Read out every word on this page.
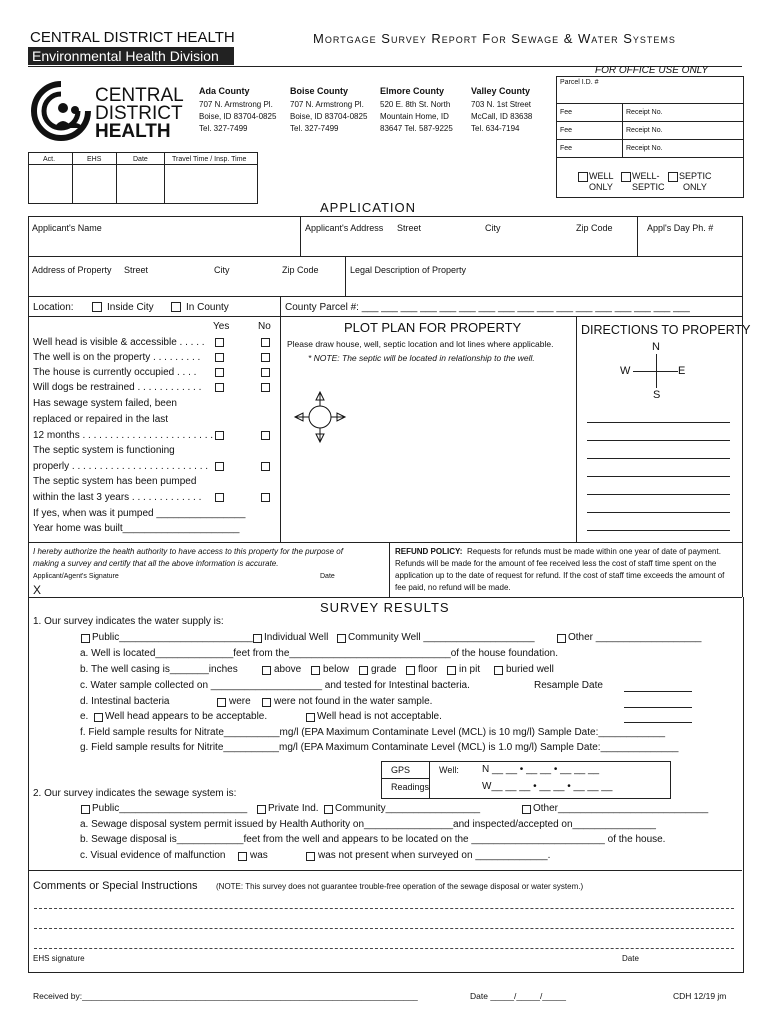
CENTRAL DISTRICT HEALTH
Environmental Health Division
Mortgage Survey Report For Sewage & Water Systems
CENTRAL
DISTRICT
HEALTH
Ada County
707 N. Armstrong Pl.
Boise, ID 83704-0825
Tel. 327-7499
Boise County
707 N. Armstrong Pl.
Boise, ID 83704-0825
Tel. 327-7499
Elmore County
520 E. 8th St. North
Mountain Home, ID
83647 Tel. 587-9225
Valley County
703 N. 1st Street
McCall, ID 83638
Tel. 634-7194
FOR OFFICE USE ONLY
Parcel I.D. #
Fee	Receipt No.
Fee	Receipt No.
Fee	Receipt No.
WELL
ONLY
WELL-
SEPTIC
SEPTIC
ONLY
Act.	EHS	Date	Travel Time / Insp. Time
APPLICATION
Applicant's Name	Applicant's Address Street	City	Zip Code	Appl's Day Ph. #
Address of Property Street	City	Zip Code	Legal Description of Property
Location:	Inside City	In County	County Parcel #: ___ ___ ___ ___ ___ ___ ___ ___ ___ ___ ___ ___ ___ ___ ___ ___ ___
Yes	No
Well head is visible & accessible . . . . .
The well is on the property . . . . . . . . .
The house is currently occupied . . . .
Will dogs be restrained . . . . . . . . . . . .
Has sewage system failed, been
replaced or repaired in the last
12 months . . . . . . . . . . . . . . . . . . . . . . . .
The septic system is functioning
properly . . . . . . . . . . . . . . . . . . . . . . . . .
The septic system has been pumped
within the last 3 years . . . . . . . . . . . . .
If yes, when was it pumped ________________
Year home was built_____________________
PLOT PLAN FOR PROPERTY
Please draw house, well, septic location and lot lines where applicable.
* NOTE: The septic will be located in relationship to the well.
DIRECTIONS TO PROPERTY
N
W	E
S
I hereby authorize the health authority to have access to this property for the purpose of
making a survey and certify that all the above information is accurate.
Applicant/Agent's Signature	Date
X
REFUND POLICY: Requests for refunds must be made within one year of date of payment.
Refunds will be made for the amount of fee received less the cost of staff time spent on the
application up to the date of request for refund. If the cost of staff time exceeds the amount of
fee paid, no refund will be made.
SURVEY RESULTS
1. Our survey indicates the water supply is:
Public________________________ Individual Well Community Well ____________________	Other ___________________
a. Well is located______________feet from the_____________________________of the house foundation.
b. The well casing is_______inches	above below grade floor in pit	buried well
c. Water sample collected on ____________________ and tested for Intestinal bacteria.	Resample Date
d. Intestinal bacteria	were were not found in the water sample.
e. Well head appears to be acceptable.	Well head is not acceptable.
f. Field sample results for Nitrate__________mg/l (EPA Maximum Contaminate Level (MCL) is 10 mg/l) Sample Date:____________
g. Field sample results for Nitrite__________mg/l (EPA Maximum Contaminate Level (MCL) is 1.0 mg/l) Sample Date:______________
GPS
Readings
Well: N __ __ • __ __ • __ __ __
W__ __ __ • __ __ • __ __ __
2. Our survey indicates the sewage system is:
Public_______________________ Private Ind. Community_________________	Other___________________________
a. Sewage disposal system permit issued by Health Authority on________________and inspected/accepted on_______________
b. Sewage disposal is____________feet from the well and appears to be located on the ________________________ of the house.
c. Visual evidence of malfunction was	was not present when surveyed on _____________.
Comments or Special Instructions (NOTE: This survey does not guarantee trouble-free operation of the sewage disposal or water system.)
EHS signature	Date
Received by:_______________________________________________________________________	Date _____/_____/_____	CDH 12/19 jm
